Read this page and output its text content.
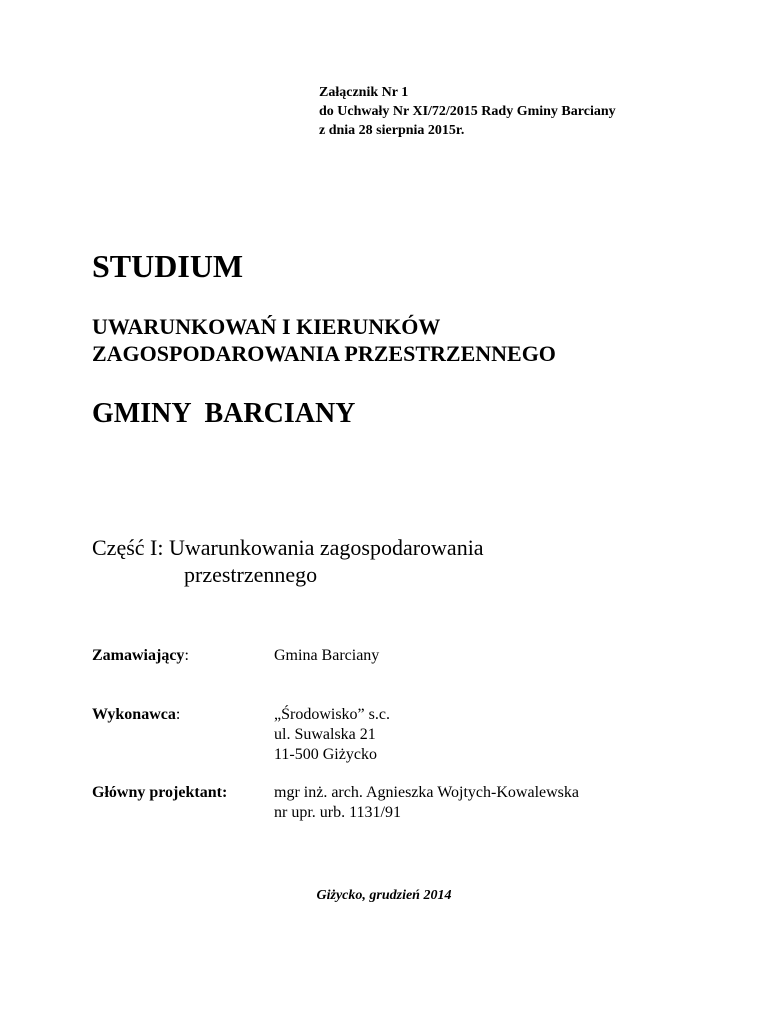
Załącznik Nr 1
do Uchwały Nr XI/72/2015 Rady Gminy Barciany
z dnia 28 sierpnia 2015r.
STUDIUM
UWARUNKOWAŃ I KIERUNKÓW
ZAGOSPODAROWANIA PRZESTRZENNEGO
GMINY  BARCIANY
Część I: Uwarunkowania zagospodarowania
przestrzennego
Zamawiający:	Gmina Barciany
Wykonawca:	„Środowisko” s.c.
ul. Suwalska 21
11-500 Giżycko
Główny projektant:	mgr inż. arch. Agnieszka Wojtych-Kowalewska
nr upr. urb. 1131/91
Giżycko, grudzień 2014
